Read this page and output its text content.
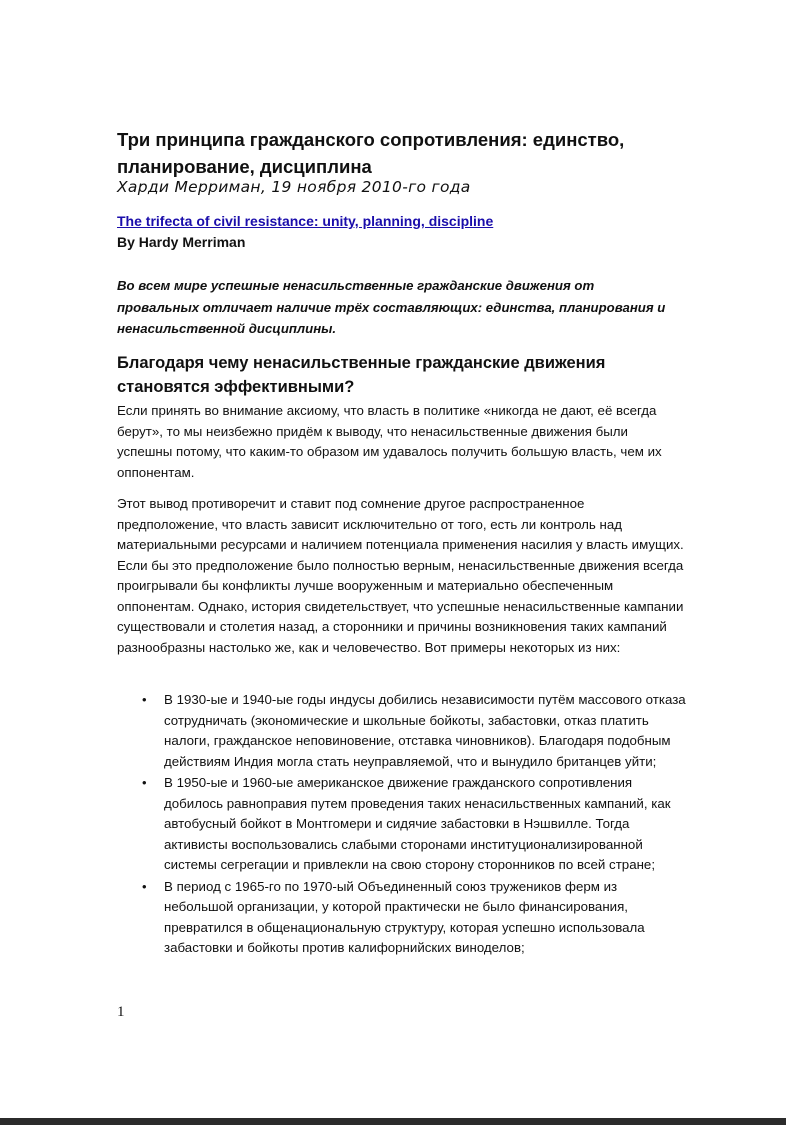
Три принципа гражданского сопротивления: единство, планирование, дисциплина
Харди Мерриман, 19 ноября 2010-го года
The trifecta of civil resistance: unity, planning, discipline
By Hardy Merriman

Во всем мире успешные ненасильственные гражданские движения от провальных отличает наличие трёх составляющих: единства, планирования и ненасильственной дисциплины.

Благодаря чему ненасильственные гражданские движения становятся эффективными?

Если принять во внимание аксиому, что власть в политике «никогда не дают, её всегда берут», то мы неизбежно придём к выводу, что ненасильственные движения были успешны потому, что каким-то образом им удавалось получить большую власть, чем их оппонентам.

Этот вывод противоречит и ставит под сомнение другое распространенное предположение, что власть зависит исключительно от того, есть ли контроль над материальными ресурсами и наличием потенциала применения насилия у власть имущих. Если бы это предположение было полностью верным, ненасильственные движения всегда проигрывали бы конфликты лучше вооруженным и материально обеспеченным оппонентам. Однако, история свидетельствует, что успешные ненасильственные кампании существовали и столетия назад, а сторонники и причины возникновения таких кампаний разнообразны настолько же, как и человечество. Вот примеры некоторых из них:

• В 1930-ые и 1940-ые годы индусы добились независимости путём массового отказа сотрудничать (экономические и школьные бойкоты, забастовки, отказ платить налоги, гражданское неповиновение, отставка чиновников). Благодаря подобным действиям Индия могла стать неуправляемой, что и вынудило британцев уйти;
• В 1950-ые и 1960-ые американское движение гражданского сопротивления добилось равноправия путем проведения таких ненасильственных кампаний, как автобусный бойкот в Монтгомери и сидячие забастовки в Нэшвилле. Тогда активисты воспользовались слабыми сторонами институционализированной системы сегрегации и привлекли на свою сторону сторонников по всей стране;
• В период с 1965-го по 1970-ый Объединенный союз тружеников ферм из небольшой организации, у которой практически не было финансирования, превратился в общенациональную структуру, которая успешно использовала забастовки и бойкоты против калифорнийских виноделов;
1
